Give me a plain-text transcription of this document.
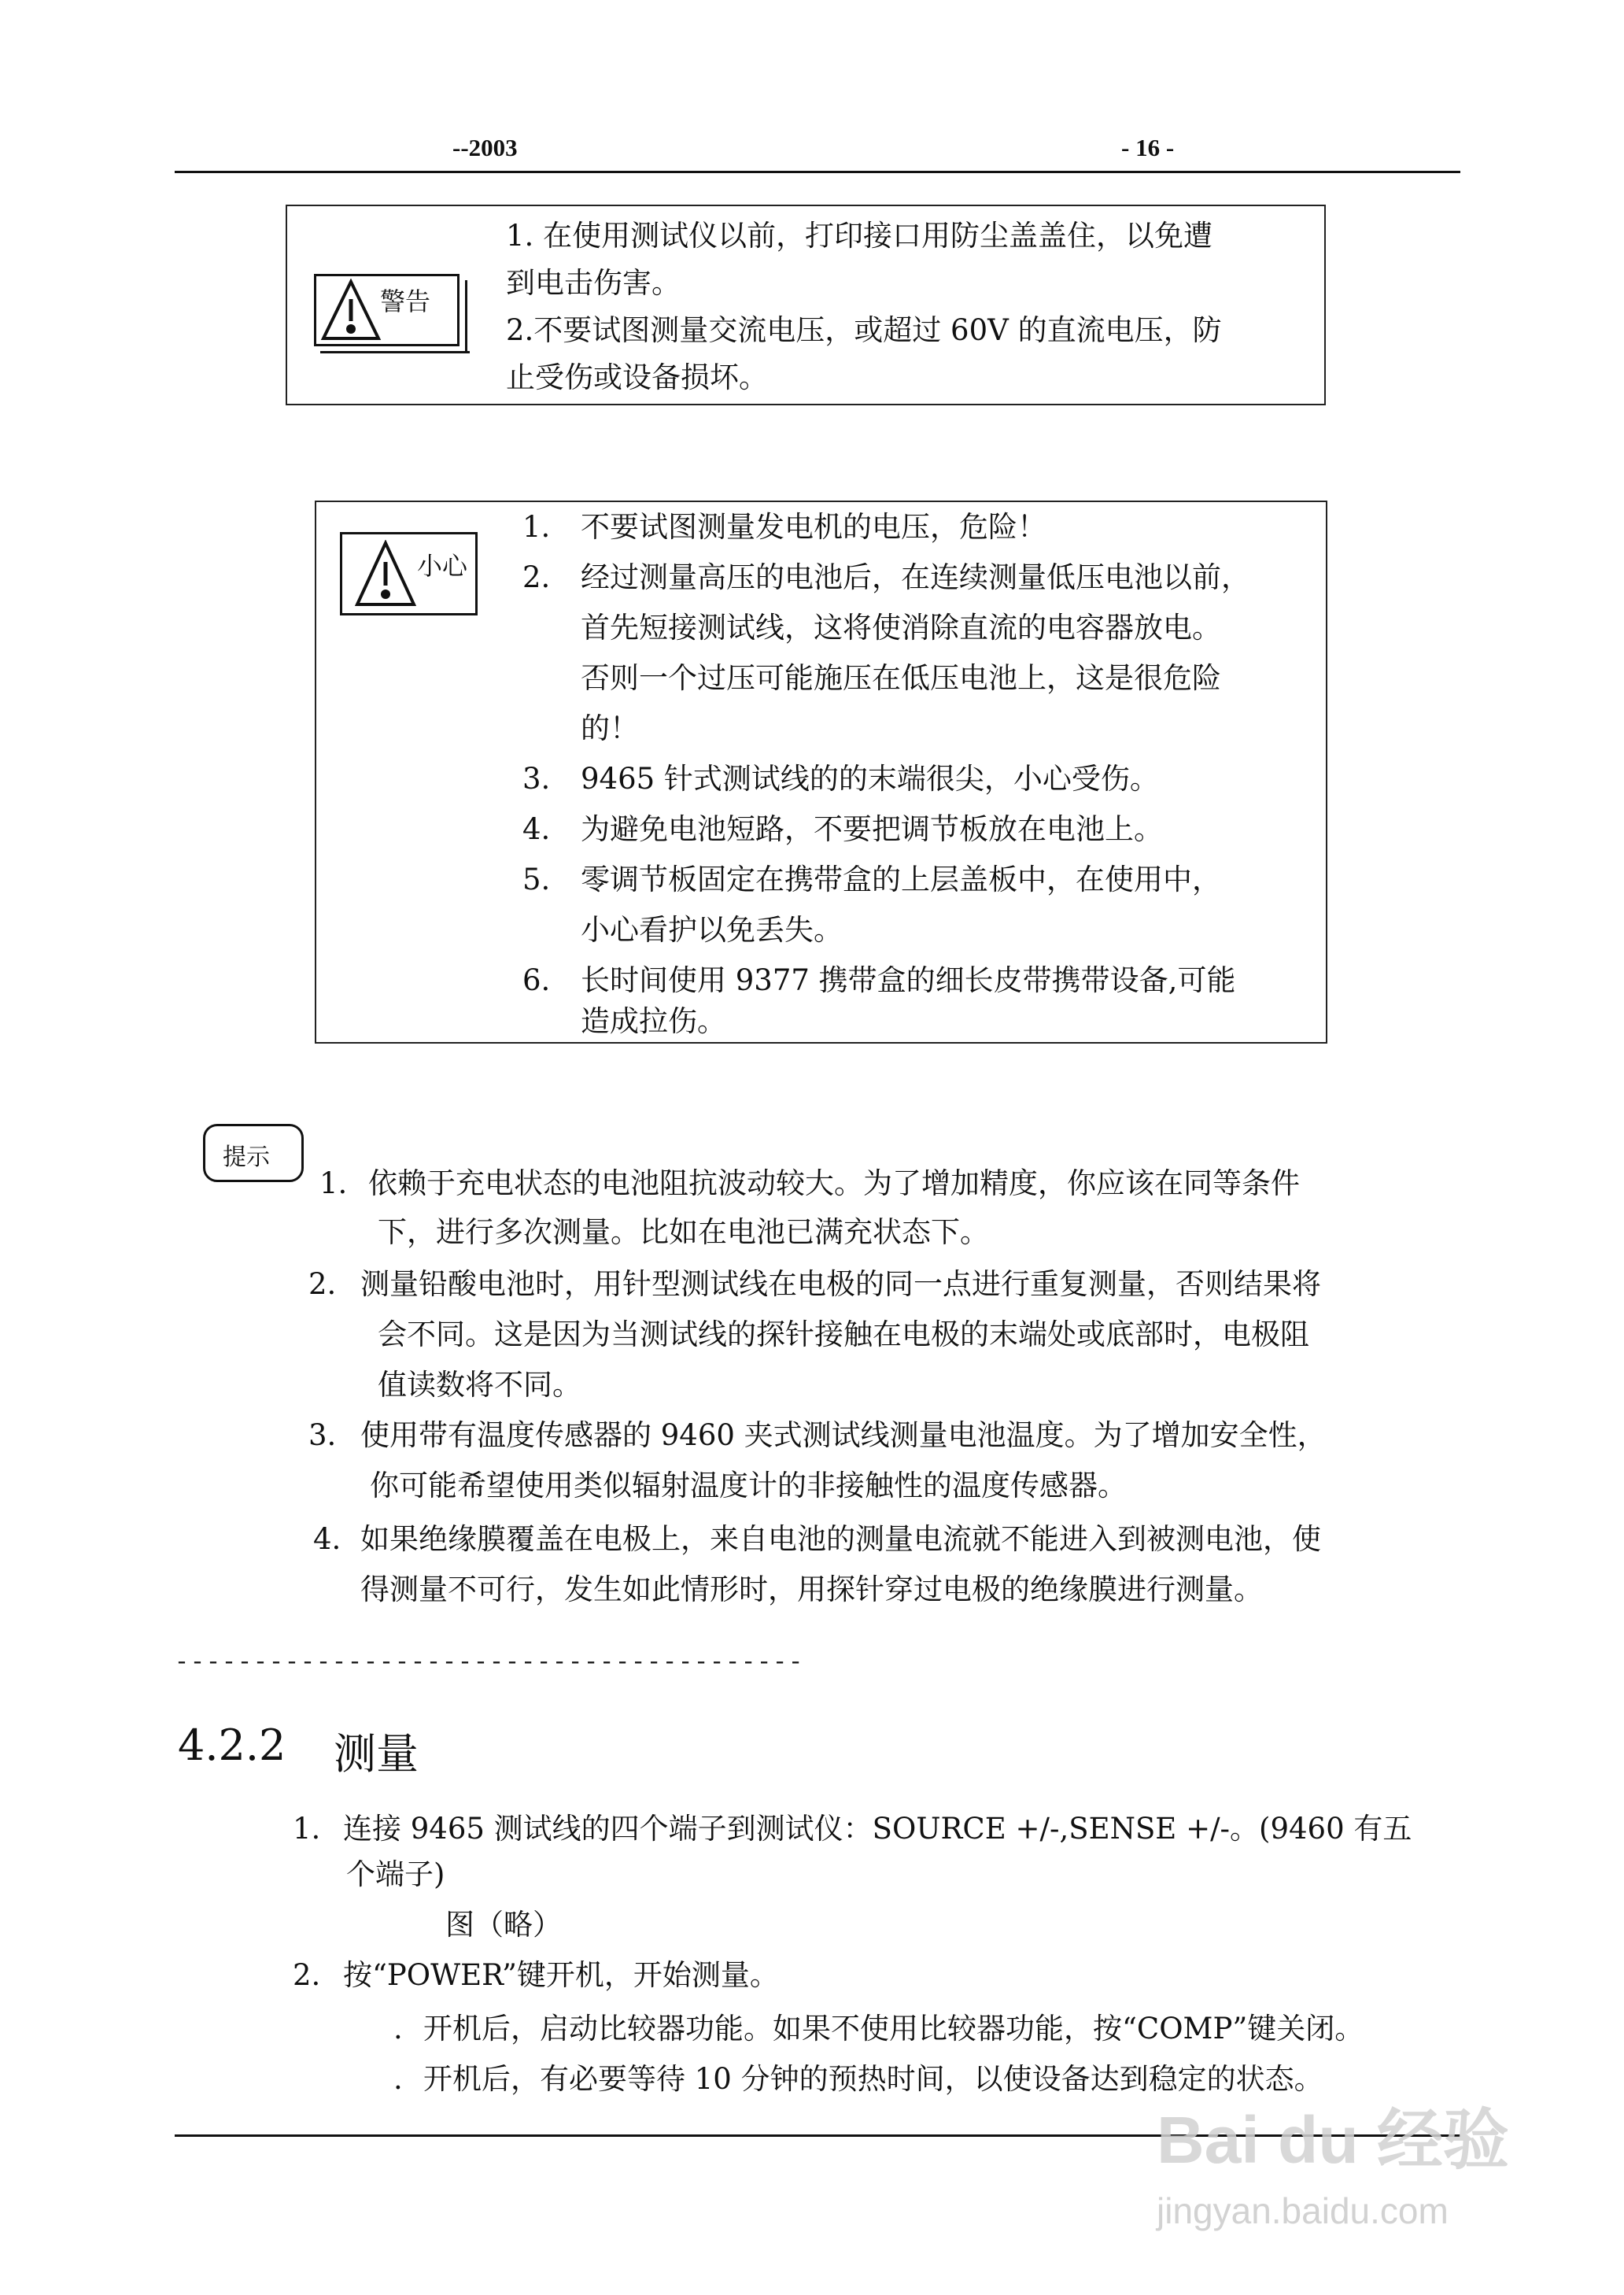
--2003	- 16 -
警告
1. 在使用测试仪以前，打印接口用防尘盖盖住，以免遭
到电击伤害。
2.不要试图测量交流电压，或超过 60V 的直流电压，防
止受伤或设备损坏。
小心
1. 不要试图测量发电机的电压，危险！
2. 经过测量高压的电池后，在连续测量低压电池以前，
首先短接测试线，这将使消除直流的电容器放电。
否则一个过压可能施压在低压电池上，这是很危险
的！
3. 9465 针式测试线的的末端很尖，小心受伤。
4. 为避免电池短路，不要把调节板放在电池上。
5. 零调节板固定在携带盒的上层盖板中，在使用中，
小心看护以免丢失。
6. 长时间使用 9377 携带盒的细长皮带携带设备,可能
造成拉伤。
提示
1. 依赖于充电状态的电池阻抗波动较大。为了增加精度，你应该在同等条件
下，进行多次测量。比如在电池已满充状态下。
2. 测量铅酸电池时，用针型测试线在电极的同一点进行重复测量，否则结果将
会不同。这是因为当测试线的探针接触在电极的末端处或底部时，电极阻
值读数将不同。
3. 使用带有温度传感器的 9460 夹式测试线测量电池温度。为了增加安全性，
你可能希望使用类似辐射温度计的非接触性的温度传感器。
4. 如果绝缘膜覆盖在电极上，来自电池的测量电流就不能进入到被测电池，使
得测量不可行，发生如此情形时，用探针穿过电极的绝缘膜进行测量。
----------------------------------------
4.2.2 测量
1. 连接 9465 测试线的四个端子到测试仪：SOURCE +/-,SENSE +/-。(9460 有五
个端子)
图（略）
2. 按“POWER”键开机，开始测量。
. 开机后，启动比较器功能。如果不使用比较器功能，按“COMP”键关闭。
. 开机后，有必要等待 10 分钟的预热时间，以使设备达到稳定的状态。
Bai du 经验
jingyan.baidu.com
